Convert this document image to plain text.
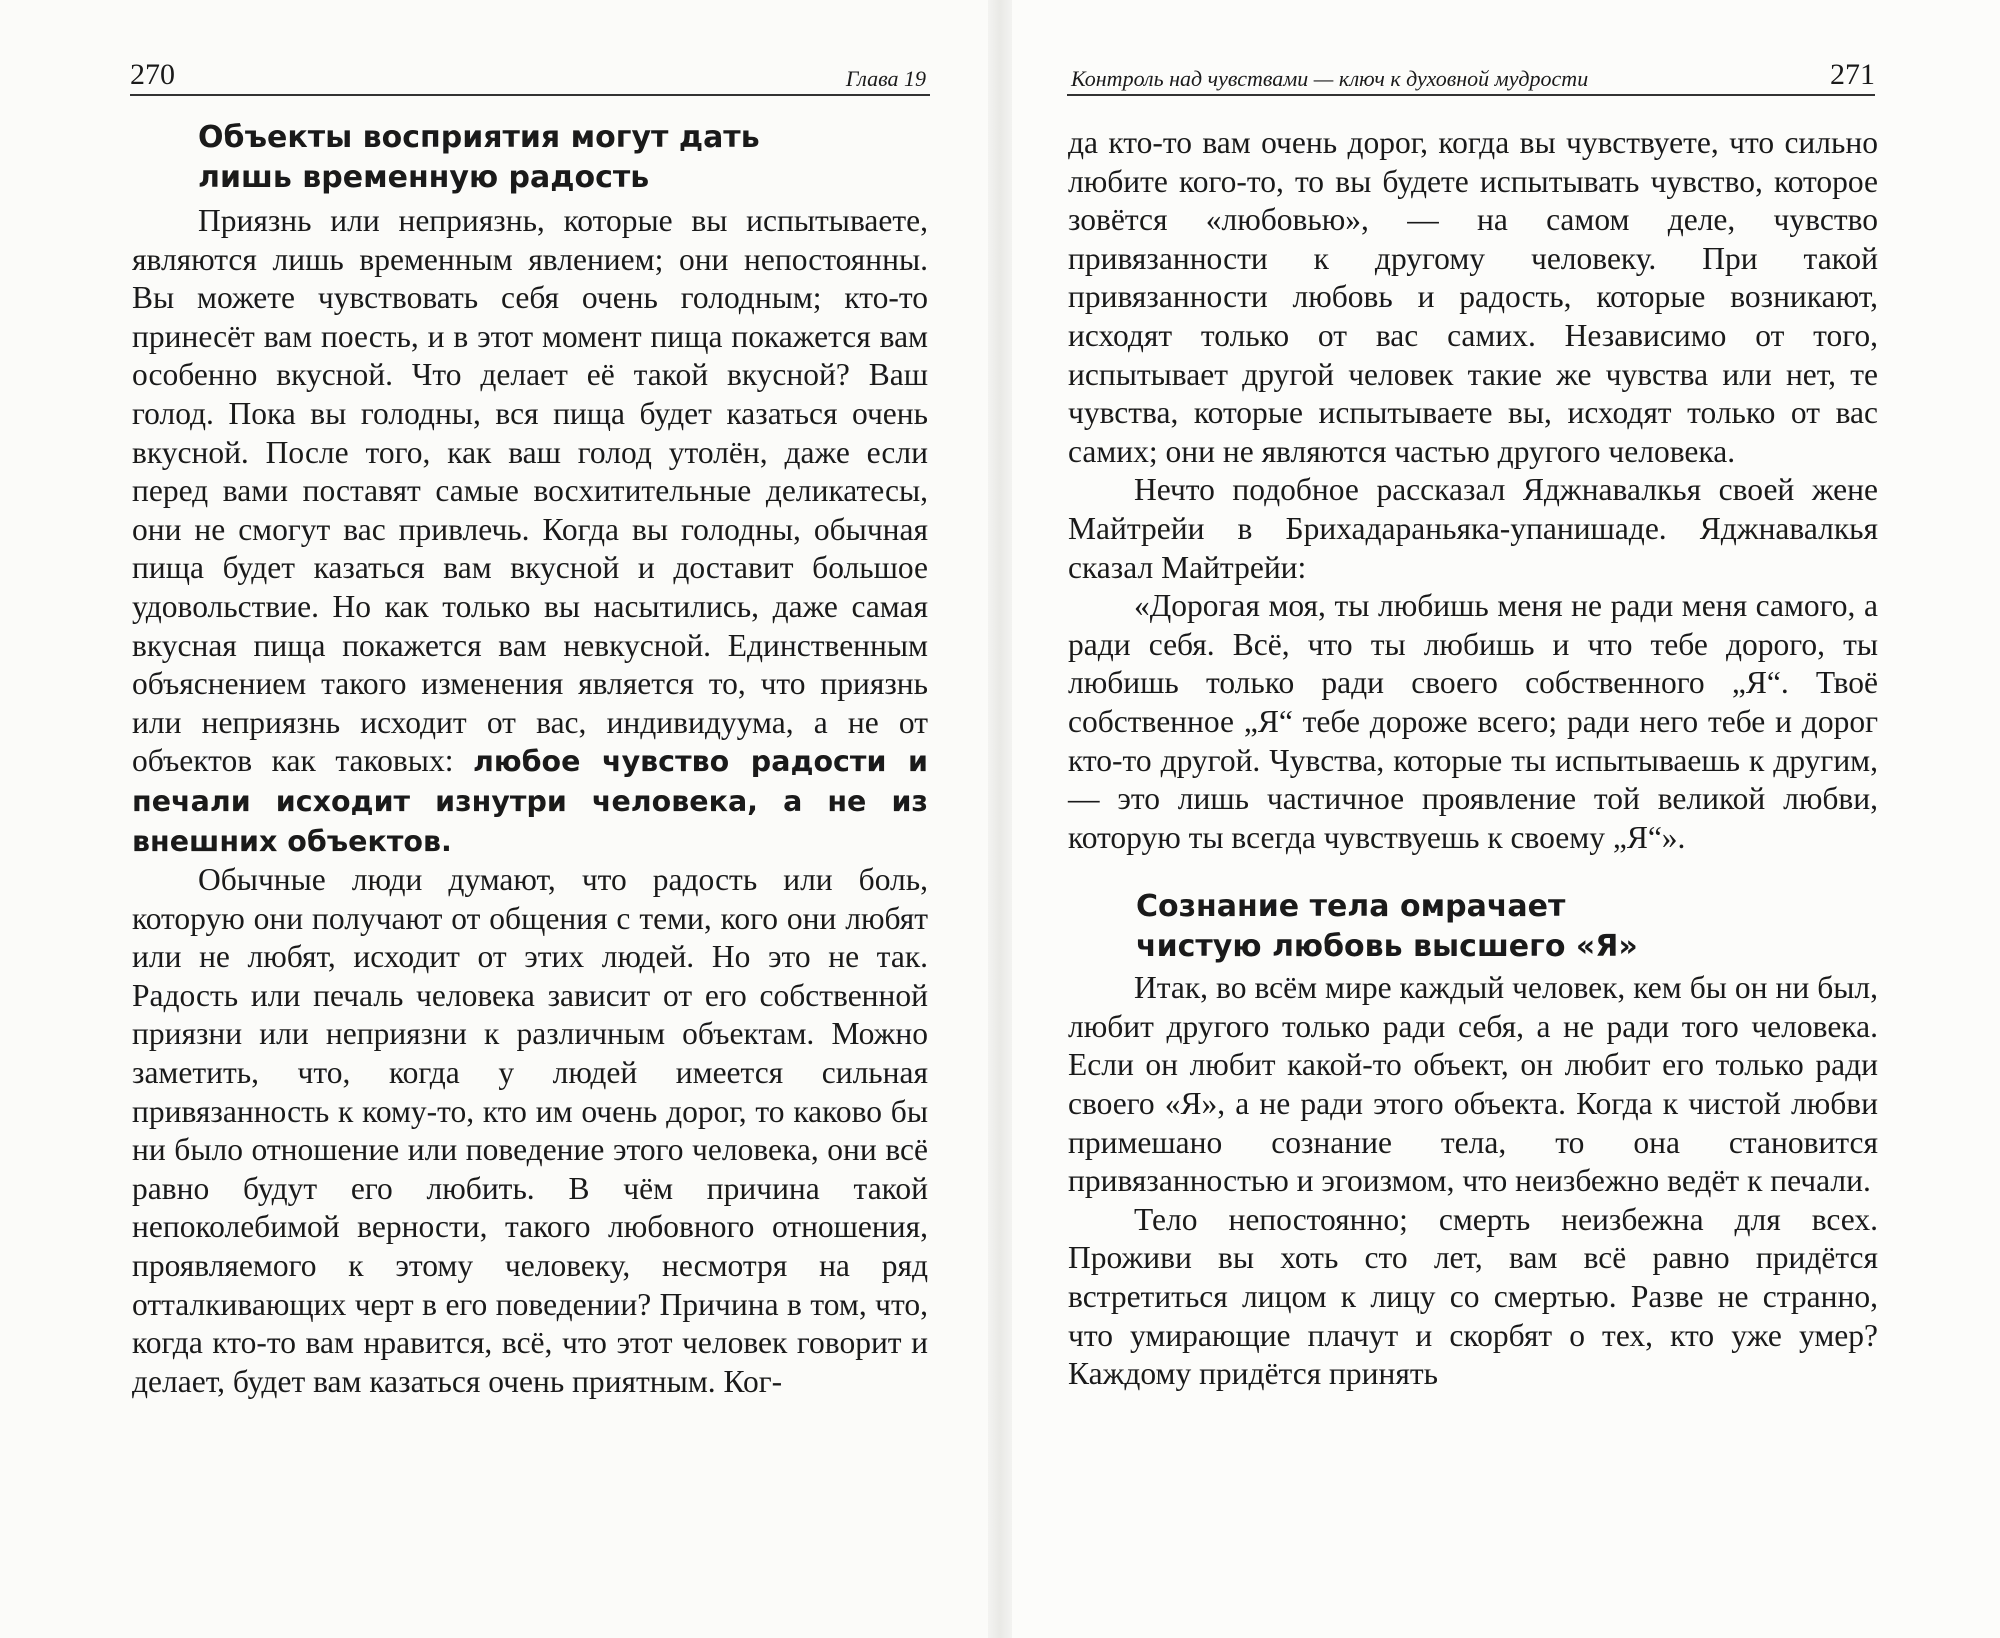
270	Глава 19	Контроль над чувствами — ключ к духовной мудрости	271
Объекты восприятия могут дать
лишь временную радость

Приязнь или неприязнь, которые вы испытываете, являются лишь временным явлением; они непостоянны. Вы можете чувствовать себя очень голодным; кто-то принесёт вам поесть, и в этот момент пища покажется вам особенно вкусной. Что делает её такой вкусной? Ваш голод. Пока вы голодны, вся пища будет казаться очень вкусной. После того, как ваш голод утолён, даже если перед вами поставят самые восхитительные деликатесы, они не смогут вас привлечь. Когда вы голодны, обычная пища будет казаться вам вкусной и доставит большое удовольствие. Но как только вы насытились, даже самая вкусная пища покажется вам невкусной. Единственным объяснением такого изменения является то, что приязнь или неприязнь исходит от вас, индивидуума, а не от объектов как таковых: любое чувство радости и печали исходит изнутри человека, а не из внешних объектов.

Обычные люди думают, что радость или боль, которую они получают от общения с теми, кого они любят или не любят, исходит от этих людей. Но это не так. Радость или печаль человека зависит от его собственной приязни или неприязни к различным объектам. Можно заметить, что, когда у людей имеется сильная привязанность к кому-то, кто им очень дорог, то каково бы ни было отношение или поведение этого человека, они всё равно будут его любить. В чём причина такой непоколебимой верности, такого любовного отношения, проявляемого к этому человеку, несмотря на ряд отталкивающих черт в его поведении? Причина в том, что, когда кто-то вам нравится, всё, что этот человек говорит и делает, будет вам казаться очень приятным. Ког-

да кто-то вам очень дорог, когда вы чувствуете, что сильно любите кого-то, то вы будете испытывать чувство, которое зовётся «любовью», — на самом деле, чувство привязанности к другому человеку. При такой привязанности любовь и радость, которые возникают, исходят только от вас самих. Независимо от того, испытывает другой человек такие же чувства или нет, те чувства, которые испытываете вы, исходят только от вас самих; они не являются частью другого человека.

Нечто подобное рассказал Яджнавалкья своей жене Майтрейи в Брихадараньяка-упанишаде. Яджнавалкья сказал Майтрейи:

«Дорогая моя, ты любишь меня не ради меня самого, а ради себя. Всё, что ты любишь и что тебе дорого, ты любишь только ради своего собственного „Я“. Твоё собственное „Я“ тебе дороже всего; ради него тебе и дорог кто-то другой. Чувства, которые ты испытываешь к другим, — это лишь частичное проявление той великой любви, которую ты всегда чувствуешь к своему „Я“».

Сознание тела омрачает
чистую любовь высшего «Я»

Итак, во всём мире каждый человек, кем бы он ни был, любит другого только ради себя, а не ради того человека. Если он любит какой-то объект, он любит его только ради своего «Я», а не ради этого объекта. Когда к чистой любви примешано сознание тела, то она становится привязанностью и эгоизмом, что неизбежно ведёт к печали.

Тело непостоянно; смерть неизбежна для всех. Проживи вы хоть сто лет, вам всё равно придётся встретиться лицом к лицу со смертью. Разве не странно, что умирающие плачут и скорбят о тех, кто уже умер? Каждому придётся принять
